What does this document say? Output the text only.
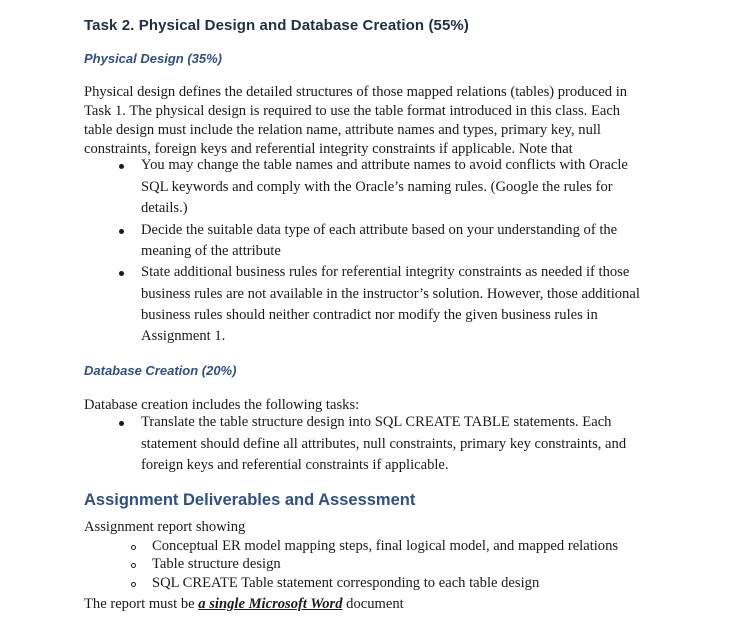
Task 2. Physical Design and Database Creation (55%)
Physical Design (35%)
Physical design defines the detailed structures of those mapped relations (tables) produced in
Task 1. The physical design is required to use the table format introduced in this class. Each
table design must include the relation name, attribute names and types, primary key, null
constraints, foreign keys and referential integrity constraints if applicable. Note that
You may change the table names and attribute names to avoid conflicts with Oracle
SQL keywords and comply with the Oracle’s naming rules. (Google the rules for
details.)
Decide the suitable data type of each attribute based on your understanding of the
meaning of the attribute
State additional business rules for referential integrity constraints as needed if those
business rules are not available in the instructor’s solution. However, those additional
business rules should neither contradict nor modify the given business rules in
Assignment 1.
Database Creation (20%)
Database creation includes the following tasks:
Translate the table structure design into SQL CREATE TABLE statements. Each
statement should define all attributes, null constraints, primary key constraints, and
foreign keys and referential constraints if applicable.
Assignment Deliverables and Assessment
Assignment report showing
Conceptual ER model mapping steps, final logical model, and mapped relations
Table structure design
SQL CREATE Table statement corresponding to each table design
The report must be a single Microsoft Word document
